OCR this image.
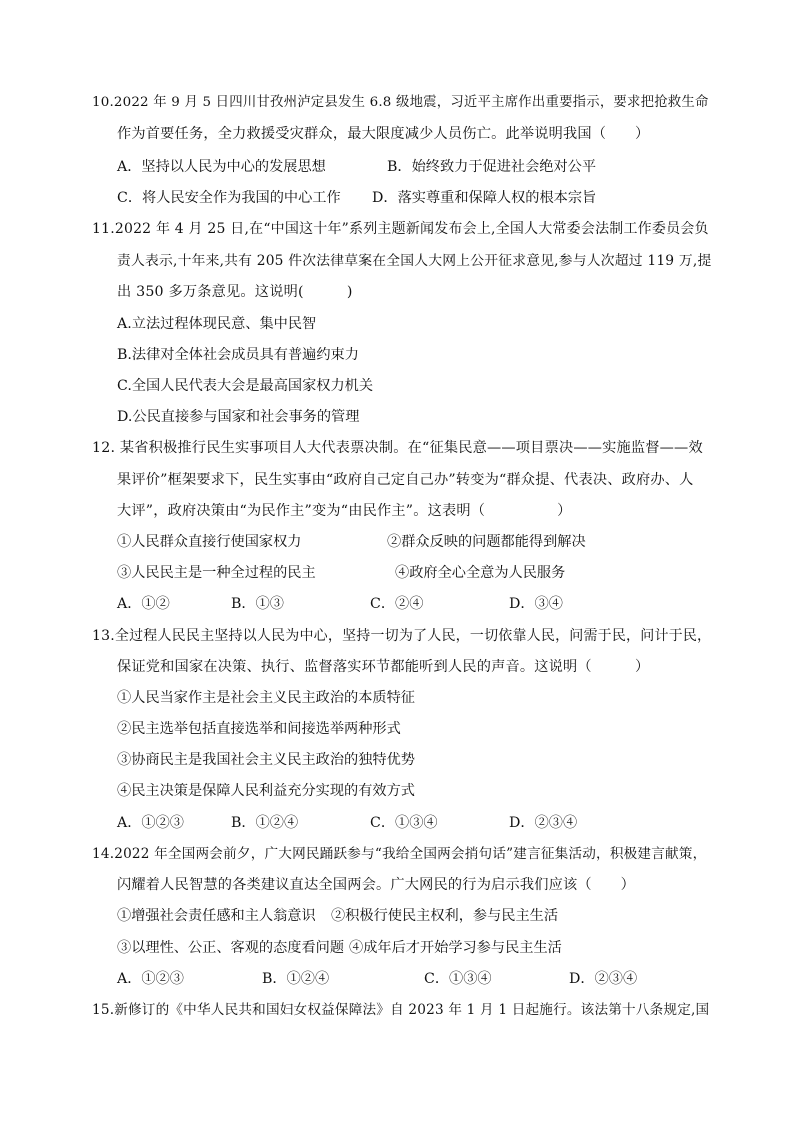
10.2022 年 9 月 5 日四川甘孜州泸定县发生 6.8 级地震，习近平主席作出重要指示，要求把抢救生命
作为首要任务，全力救援受灾群众，最大限度减少人员伤亡。此举说明我国（　　）
A．坚持以人民为中心的发展思想	B．始终致力于促进社会绝对公平
C．将人民安全作为我国的中心工作 D．落实尊重和保障人权的根本宗旨
11.2022 年 4 月 25 日,在“中国这十年”系列主题新闻发布会上,全国人大常委会法制工作委员会负
责人表示,十年来,共有 205 件次法律草案在全国人大网上公开征求意见,参与人次超过 119 万,提
出 350 多万条意见。这说明(　　　)
A.立法过程体现民意、集中民智
B.法律对全体社会成员具有普遍约束力
C.全国人民代表大会是最高国家权力机关
D.公民直接参与国家和社会事务的管理
12. 某省积极推行民生实事项目人大代表票决制。在“征集民意——项目票决——实施监督——效
果评价”框架要求下，民生实事由“政府自己定自己办”转变为“群众提、代表决、政府办、人
大评”，政府决策由“为民作主”变为“由民作主”。这表明（　　　　　）
①人民群众直接行使国家权力	②群众反映的问题都能得到解决
③人民民主是一种全过程的民主	④政府全心全意为人民服务
A．①②	B．①③	C．②④	D．③④
13.全过程人民民主坚持以人民为中心，坚持一切为了人民，一切依靠人民，问需于民，问计于民，
保证党和国家在决策、执行、监督落实环节都能听到人民的声音。这说明（　　　）
①人民当家作主是社会主义民主政治的本质特征
②民主选举包括直接选举和间接选举两种形式
③协商民主是我国社会主义民主政治的独特优势
④民主决策是保障人民利益充分实现的有效方式
A．①②③	B．①②④	C．①③④	D．②③④
14.2022 年全国两会前夕，广大网民踊跃参与“我给全国两会捎句话”建言征集活动，积极建言献策，
闪耀着人民智慧的各类建议直达全国两会。广大网民的行为启示我们应该（　　）
①增强社会责任感和主人翁意识 ②积极行使民主权利，参与民主生活
③以理性、公正、客观的态度看问题 ④成年后才开始学习参与民主生活
A．①②③	B．①②④	C．①③④	D．②③④
15.新修订的《中华人民共和国妇女权益保障法》自 2023 年 1 月 1 日起施行。该法第十八条规定,国
